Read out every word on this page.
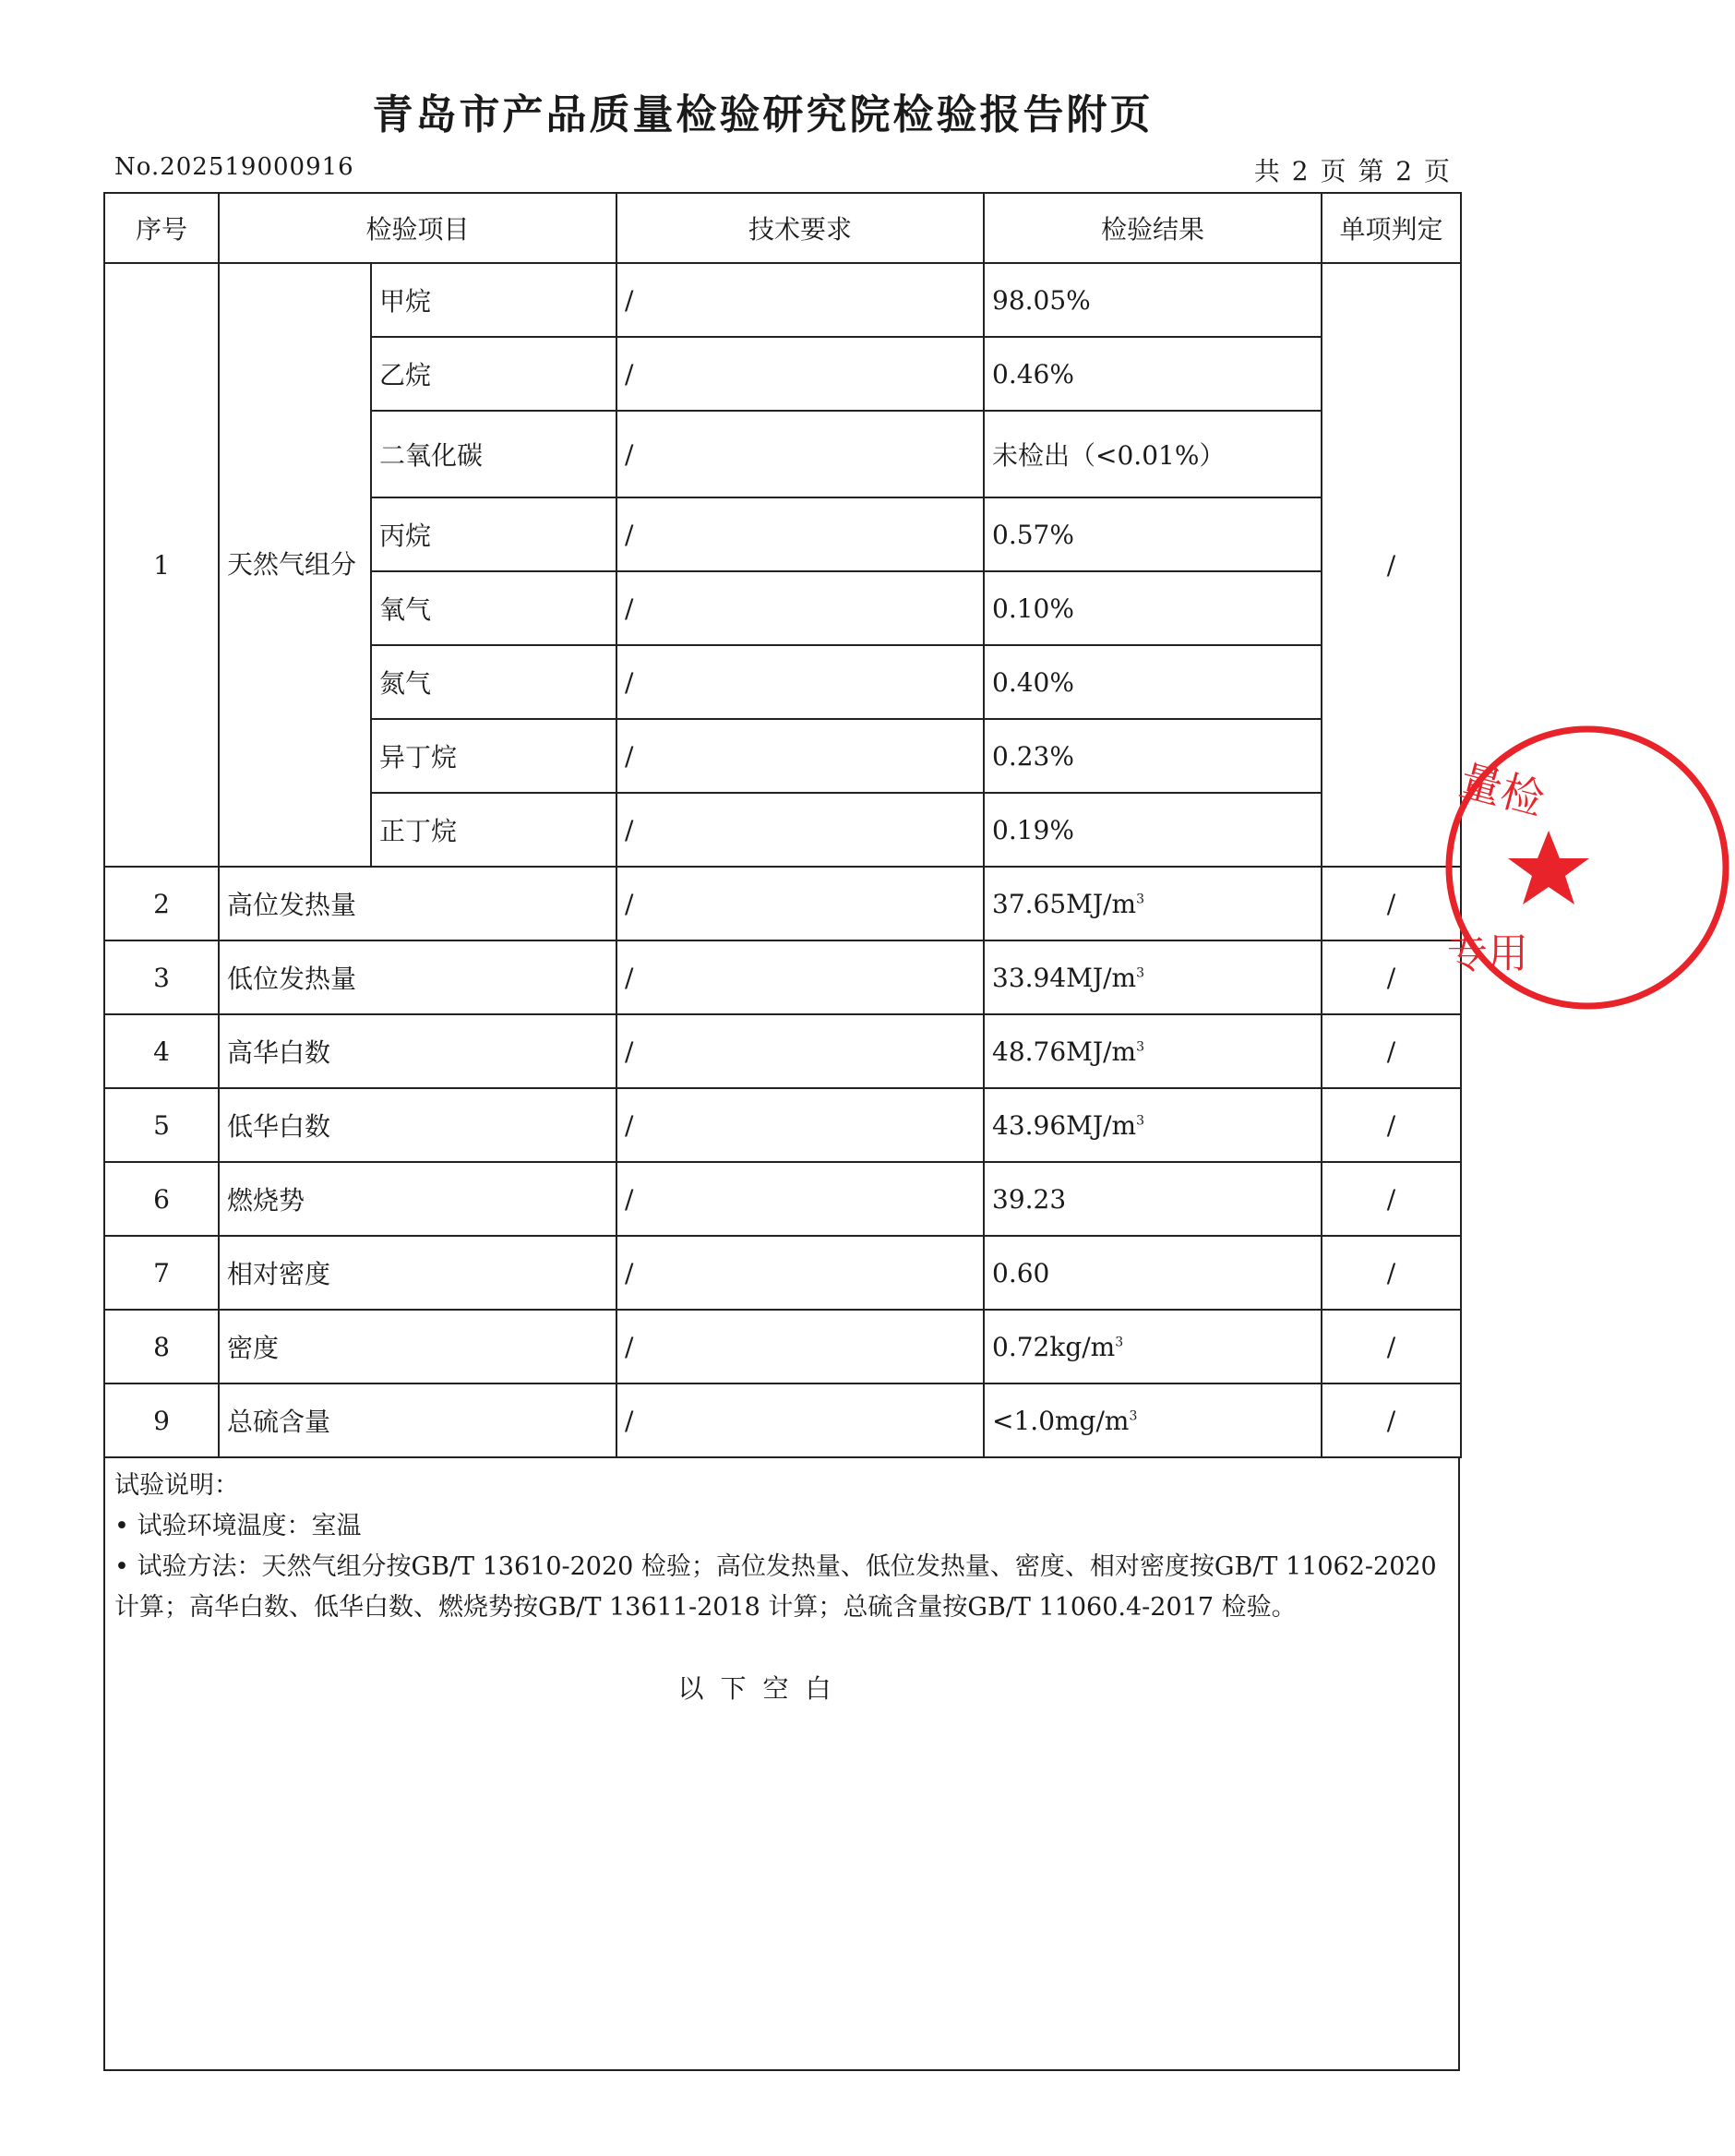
青岛市产品质量检验研究院检验报告附页
No.202519000916	共 2 页 第 2 页
序号	检验项目		技术要求	检验结果	单项判定
1	天然气组分	甲烷	/	98.05%	/
		乙烷	/	0.46%	
		二氧化碳	/	未检出（<0.01%）	
		丙烷	/	0.57%	
		氧气	/	0.10%	
		氮气	/	0.40%	
		异丁烷	/	0.23%	
		正丁烷	/	0.19%	
2	高位发热量		/	$37.65MJ/m^3$	/
3	低位发热量		/	$33.94MJ/m^3$	/
4	高华白数		/	$48.76MJ/m^3$	/
5	低华白数		/	$43.96MJ/m^3$	/
6	燃烧势		/	39.23	/
7	相对密度		/	0.60	/
8	密度		/	$0.72kg/m^3$	/
9	总硫含量		/	$<1.0mg/m^3$	/

试验说明：

• 试验环境温度：室温

• 试验方法：天然气组分按GB/T 13610-2020 检验；高位发热量、低位发热量、密度、相对密度按GB/T 11062-2020 计算；高华白数、低华白数、燃烧势按GB/T 13611-2018 计算；总硫含量按GB/T 11060.4-2017 检验。

以下空白
量检
专用
